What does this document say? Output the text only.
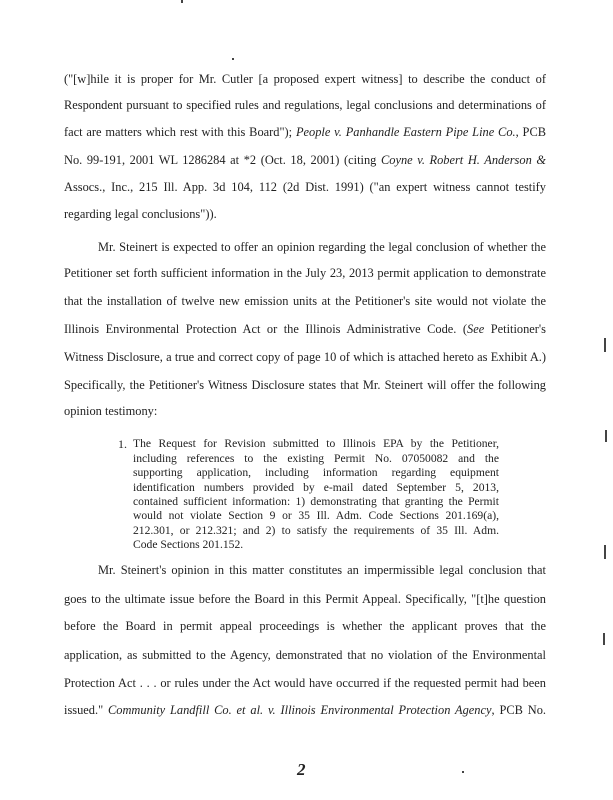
("[w]hile it is proper for Mr. Cutler [a proposed expert witness] to describe the conduct of
Respondent pursuant to specified rules and regulations, legal conclusions and determinations of
fact are matters which rest with this Board"); People v. Panhandle Eastern Pipe Line Co., PCB
No. 99-191, 2001 WL 1286284 at *2 (Oct. 18, 2001) (citing Coyne v. Robert H. Anderson &
Assocs., Inc., 215 Ill. App. 3d 104, 112 (2d Dist. 1991) ("an expert witness cannot testify
regarding legal conclusions")).
Mr. Steinert is expected to offer an opinion regarding the legal conclusion of whether the
Petitioner set forth sufficient information in the July 23, 2013 permit application to demonstrate
that the installation of twelve new emission units at the Petitioner's site would not violate the
Illinois Environmental Protection Act or the Illinois Administrative Code. (See Petitioner's
Witness Disclosure, a true and correct copy of page 10 of which is attached hereto as Exhibit A.)
Specifically, the Petitioner's Witness Disclosure states that Mr. Steinert will offer the following
opinion testimony:
1. The Request for Revision submitted to Illinois EPA by the Petitioner,
including references to the existing Permit No. 07050082 and the
supporting application, including information regarding equipment
identification numbers provided by e-mail dated September 5, 2013,
contained sufficient information: 1) demonstrating that granting the Permit
would not violate Section 9 or 35 Ill. Adm. Code Sections 201.169(a),
212.301, or 212.321; and 2) to satisfy the requirements of 35 Ill. Adm.
Code Sections 201.152.
Mr. Steinert's opinion in this matter constitutes an impermissible legal conclusion that
goes to the ultimate issue before the Board in this Permit Appeal. Specifically, "[t]he question
before the Board in permit appeal proceedings is whether the applicant proves that the
application, as submitted to the Agency, demonstrated that no violation of the Environmental
Protection Act . . . or rules under the Act would have occurred if the requested permit had been
issued." Community Landfill Co. et al. v. Illinois Environmental Protection Agency, PCB No.
2
